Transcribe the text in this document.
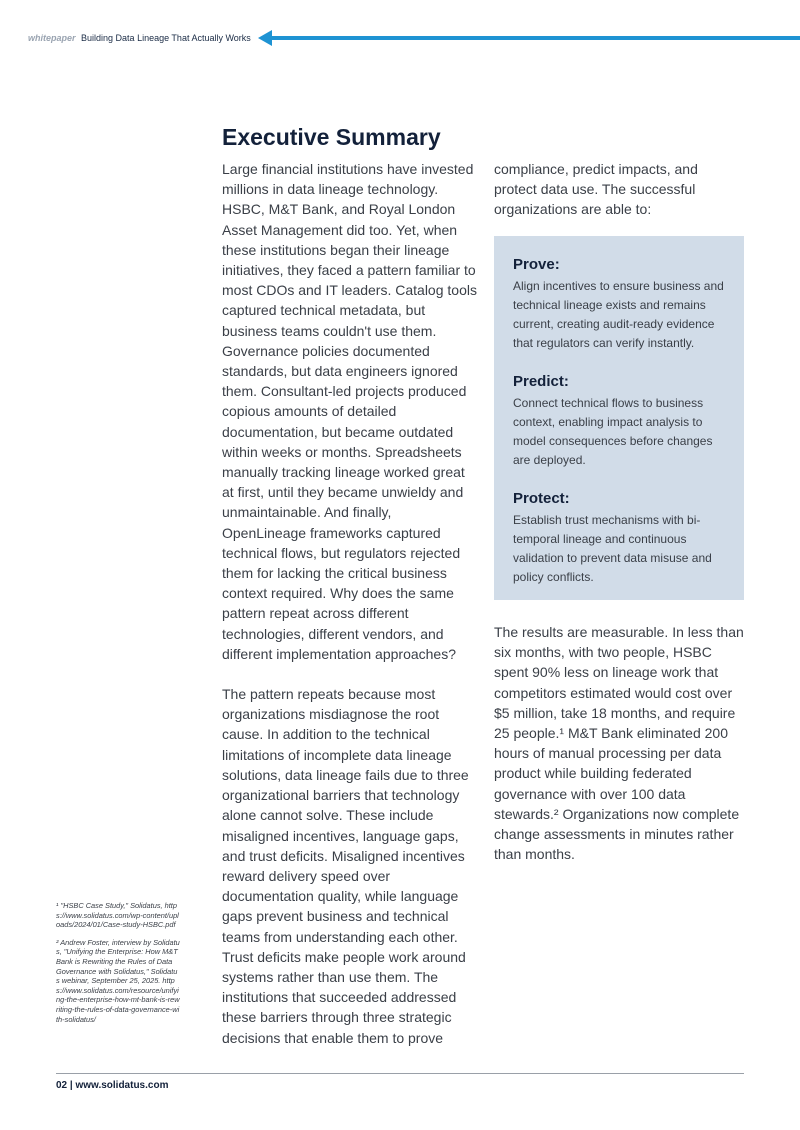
whitepaper Building Data Lineage That Actually Works
Executive Summary

Large financial institutions have invested millions in data lineage technology. HSBC, M&T Bank, and Royal London Asset Management did too. Yet, when these institutions began their lineage initiatives, they faced a pattern familiar to most CDOs and IT leaders. Catalog tools captured technical metadata, but business teams couldn't use them. Governance policies documented standards, but data engineers ignored them. Consultant-led projects produced copious amounts of detailed documentation, but became outdated within weeks or months. Spreadsheets manually tracking lineage worked great at first, until they became unwieldy and unmaintainable. And finally, OpenLineage frameworks captured technical flows, but regulators rejected them for lacking the critical business context required. Why does the same pattern repeat across different technologies, different vendors, and different implementation approaches?

The pattern repeats because most organizations misdiagnose the root cause. In addition to the technical limitations of incomplete data lineage solutions, data lineage fails due to three organizational barriers that technology alone cannot solve. These include misaligned incentives, language gaps, and trust deficits. Misaligned incentives reward delivery speed over documentation quality, while language gaps prevent business and technical teams from understanding each other. Trust deficits make people work around systems rather than use them. The institutions that succeeded addressed these barriers through three strategic decisions that enable them to prove

compliance, predict impacts, and protect data use. The successful organizations are able to:

Prove:

Align incentives to ensure business and technical lineage exists and remains current, creating audit-ready evidence that regulators can verify instantly.

Predict:

Connect technical flows to business context, enabling impact analysis to model consequences before changes are deployed.

Protect:

Establish trust mechanisms with bi-temporal lineage and continuous validation to prevent data misuse and policy conflicts.

The results are measurable. In less than six months, with two people, HSBC spent 90% less on lineage work that competitors estimated would cost over $5 million, take 18 months, and require 25 people.¹ M&T Bank eliminated 200 hours of manual processing per data product while building federated governance with over 100 data stewards.² Organizations now complete change assessments in minutes rather than months.

¹ "HSBC Case Study," Solidatus, https://www.solidatus.com/wp-content/uploads/2024/01/Case-study-HSBC.pdf

² Andrew Foster, interview by Solidatus, "Unifying the Enterprise: How M&T Bank is Rewriting the Rules of Data Governance with Solidatus," Solidatus webinar, September 25, 2025. https://www.solidatus.com/resource/unifying-the-enterprise-how-mt-bank-is-rewriting-the-rules-of-data-governance-with-solidatus/

02 | www.solidatus.com
